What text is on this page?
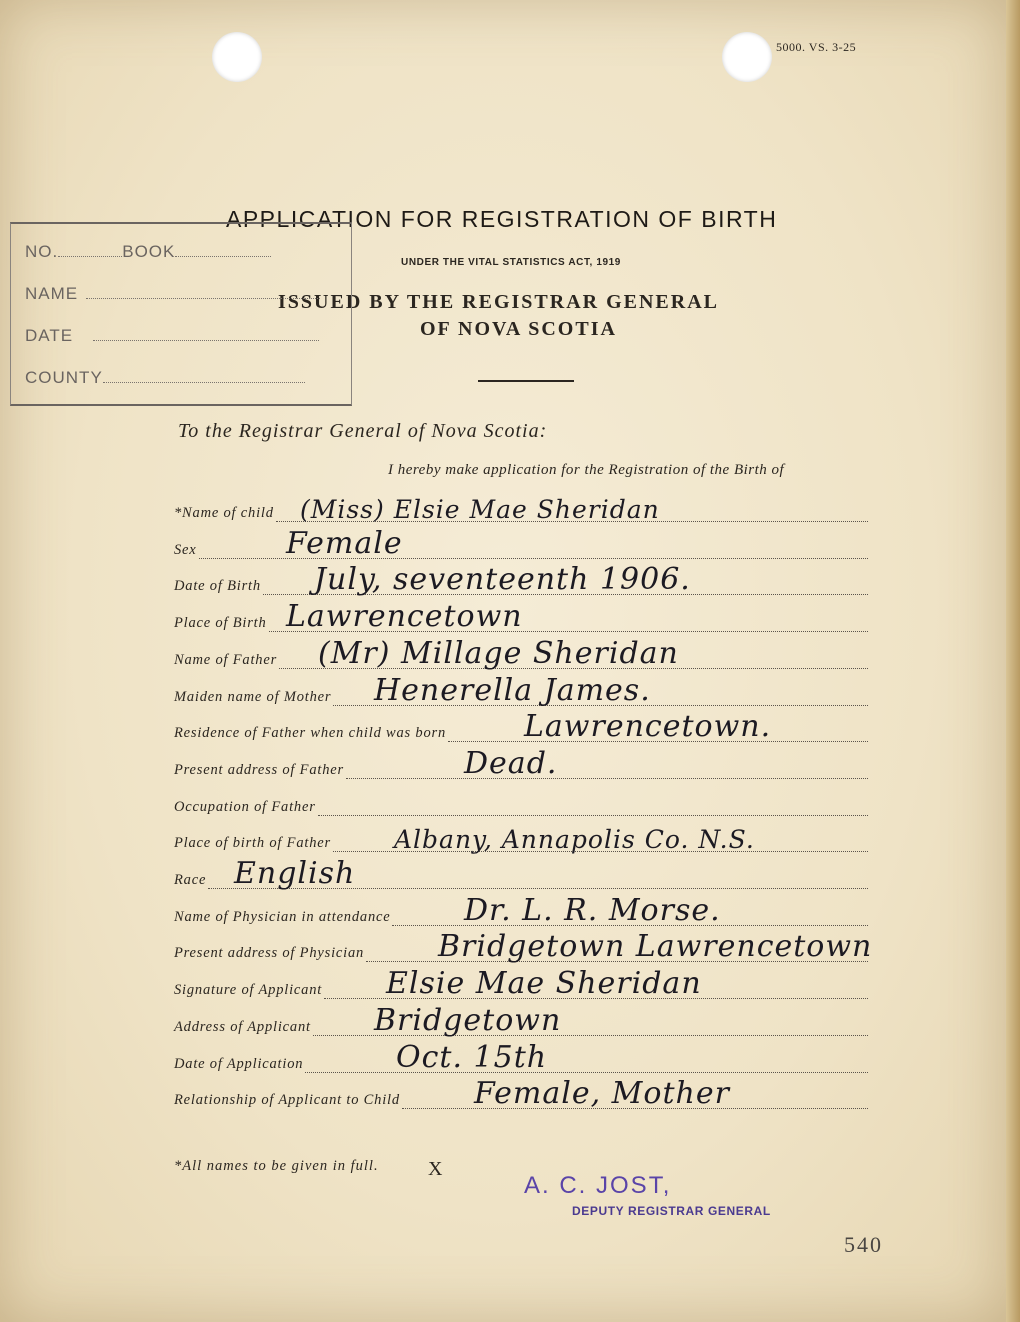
5000. VS. 3-25
APPLICATION FOR REGISTRATION OF BIRTH
UNDER THE VITAL STATISTICS ACT, 1919
ISSUED BY THE REGISTRAR GENERAL
OF NOVA SCOTIA
NO.	BOOK
NAME
DATE
COUNTY
To the Registrar General of Nova Scotia:
I hereby make application for the Registration of the Birth of
*Name of child (Miss) Elsie Mae Sheridan
Sex	Female
Date of Birth July, seventeenth 1906.
Place of Birth Lawrencetown
Name of Father (Mr) Millage Sheridan
Maiden name of Mother Henerella James.
Residence of Father when child was born	Lawrencetown.
Present address of Father	Dead.
Occupation of Father
Place of birth of Father	Albany, Annapolis Co. N.S.
Race English
Name of Physician in attendance Dr. L. R. Morse.
Present address of Physician Bridgetown Lawrencetown
Signature of Applicant Elsie Mae Sheridan
Address of Applicant Bridgetown
Date of Application	Oct. 15th
Relationship of Applicant to Child Female, Mother
*All names to be given in full. X
A. C. JOST,
DEPUTY REGISTRAR GENERAL
540
